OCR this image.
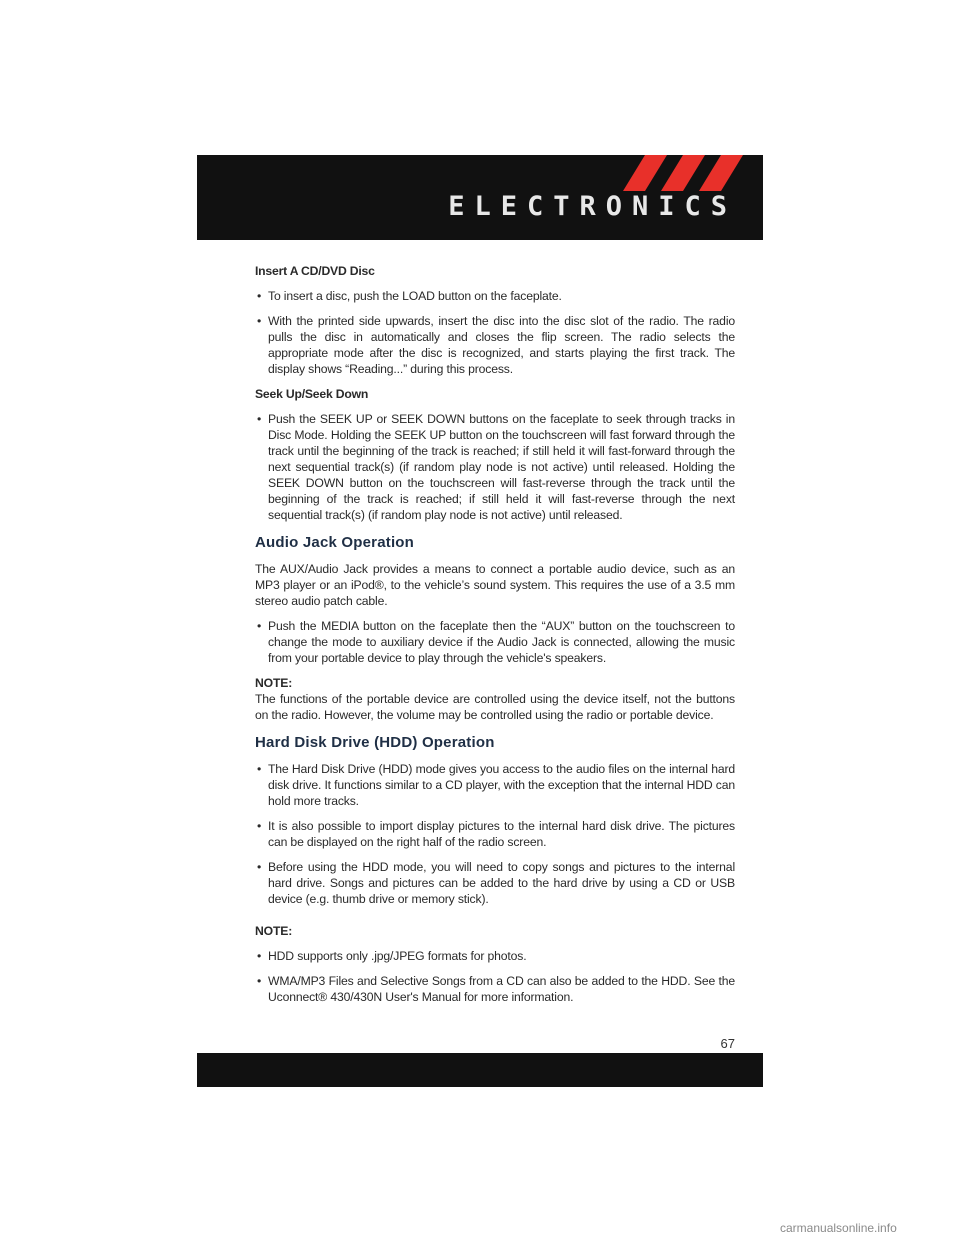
ELECTRONICS

Insert A CD/DVD Disc

• To insert a disc, push the LOAD button on the faceplate.

• With the printed side upwards, insert the disc into the disc slot of the radio. The radio pulls the disc in automatically and closes the flip screen. The radio selects the appropriate mode after the disc is recognized, and starts playing the first track. The display shows “Reading...” during this process.

Seek Up/Seek Down

• Push the SEEK UP or SEEK DOWN buttons on the faceplate to seek through tracks in Disc Mode. Holding the SEEK UP button on the touchscreen will fast forward through the track until the beginning of the track is reached; if still held it will fast-forward through the next sequential track(s) (if random play node is not active) until released. Holding the SEEK DOWN button on the touchscreen will fast-reverse through the track until the beginning of the track is reached; if still held it will fast-reverse through the next sequential track(s) (if random play node is not active) until released.

Audio Jack Operation

The AUX/Audio Jack provides a means to connect a portable audio device, such as an MP3 player or an iPod®, to the vehicle’s sound system. This requires the use of a 3.5 mm stereo audio patch cable.

• Push the MEDIA button on the faceplate then the “AUX” button on the touchscreen to change the mode to auxiliary device if the Audio Jack is connected, allowing the music from your portable device to play through the vehicle's speakers.

NOTE:

The functions of the portable device are controlled using the device itself, not the buttons on the radio. However, the volume may be controlled using the radio or portable device.

Hard Disk Drive (HDD) Operation

• The Hard Disk Drive (HDD) mode gives you access to the audio files on the internal hard disk drive. It functions similar to a CD player, with the exception that the internal HDD can hold more tracks.

• It is also possible to import display pictures to the internal hard disk drive. The pictures can be displayed on the right half of the radio screen.

• Before using the HDD mode, you will need to copy songs and pictures to the internal hard drive. Songs and pictures can be added to the hard drive by using a CD or USB device (e.g. thumb drive or memory stick).

NOTE:

• HDD supports only .jpg/JPEG formats for photos.

• WMA/MP3 Files and Selective Songs from a CD can also be added to the HDD. See the Uconnect® 430/430N User's Manual for more information.

67
carmanualsonline.info
